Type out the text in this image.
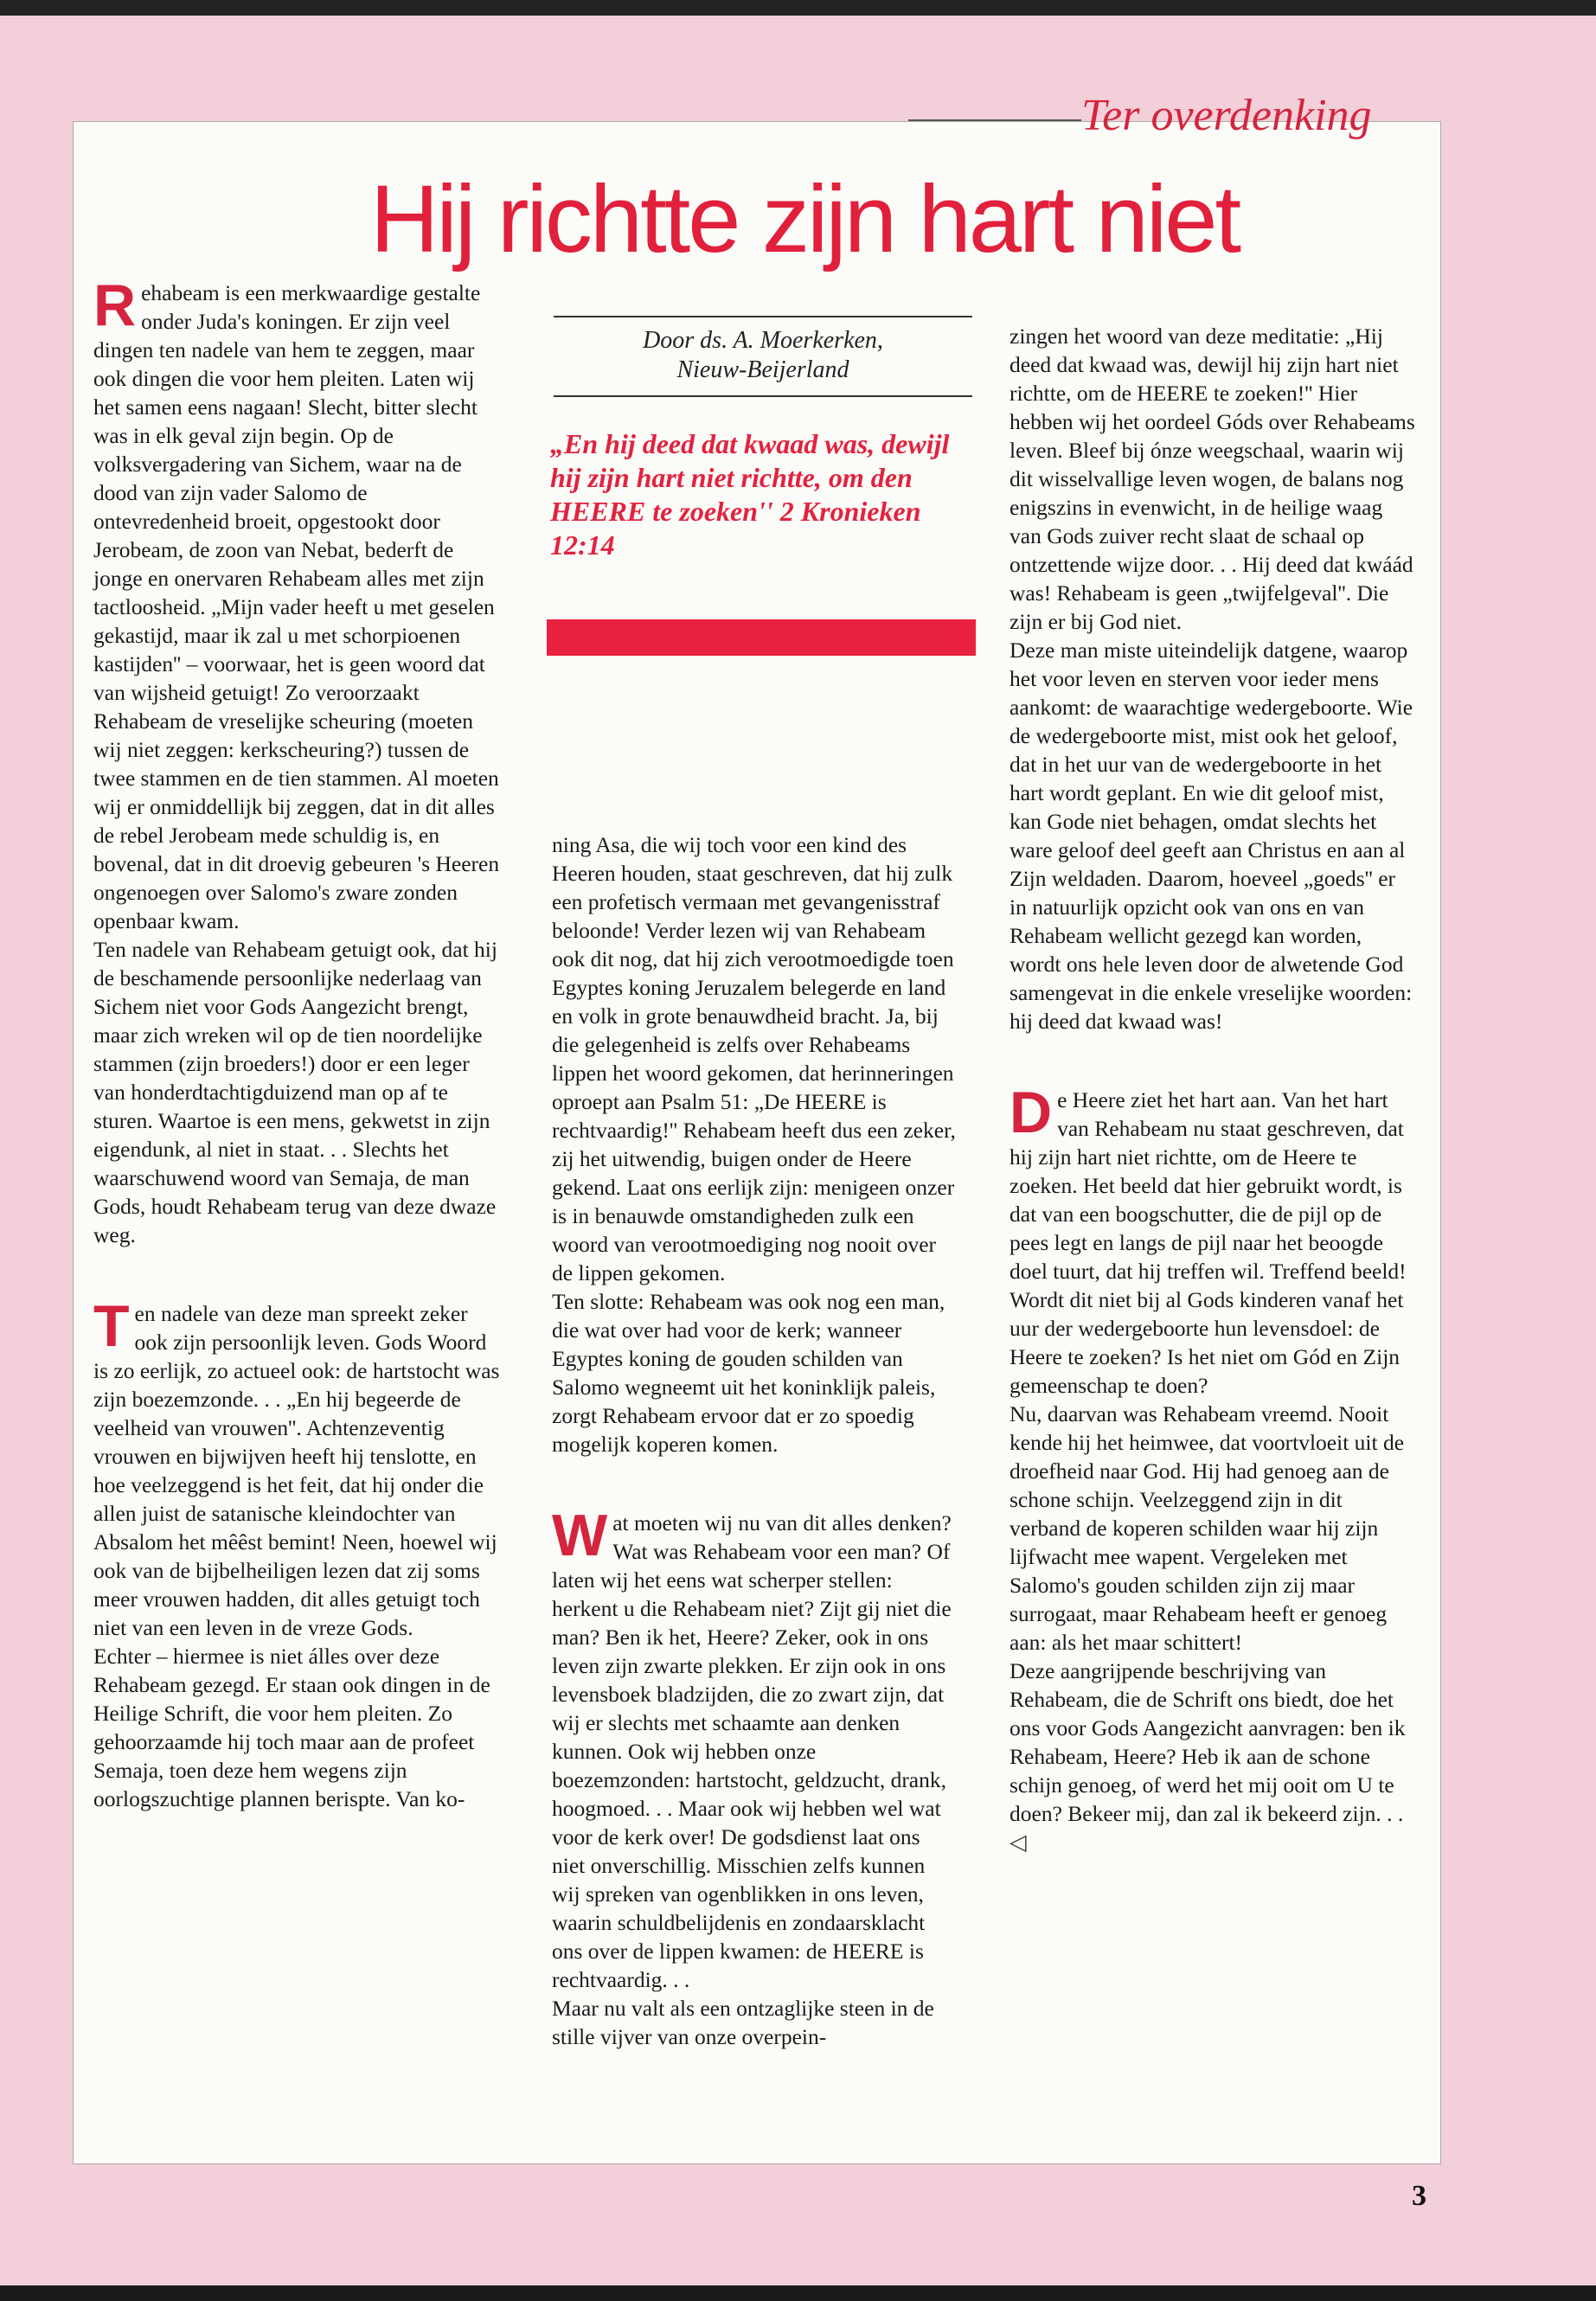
Ter overdenking
Hij richtte zijn hart niet

Rehabeam is een merkwaardige gestalte onder Juda's koningen. Er zijn veel dingen ten nadele van hem te zeggen, maar ook dingen die voor hem pleiten. Laten wij het samen eens nagaan! Slecht, bitter slecht was in elk geval zijn begin. Op de volksvergadering van Sichem, waar na de dood van zijn vader Salomo de ontevredenheid broeit, opgestookt door Jerobeam, de zoon van Nebat, bederft de jonge en onervaren Rehabeam alles met zijn tactloosheid. „Mijn vader heeft u met geselen gekastijd, maar ik zal u met schorpioenen kastijden'' – voorwaar, het is geen woord dat van wijsheid getuigt! Zo veroorzaakt Rehabeam de vreselijke scheuring (moeten wij niet zeggen: kerkscheuring?) tussen de twee stammen en de tien stammen. Al moeten wij er onmiddellijk bij zeggen, dat in dit alles de rebel Jerobeam mede schuldig is, en bovenal, dat in dit droevig gebeuren 's Heeren ongenoegen over Salomo's zware zonden openbaar kwam.

Ten nadele van Rehabeam getuigt ook, dat hij de beschamende persoonlijke nederlaag van Sichem niet voor Gods Aangezicht brengt, maar zich wreken wil op de tien noordelijke stammen (zijn broeders!) door er een leger van honderdtachtigduizend man op af te sturen. Waartoe is een mens, gekwetst in zijn eigendunk, al niet in staat. . . Slechts het waarschuwend woord van Semaja, de man Gods, houdt Rehabeam terug van deze dwaze weg.

Ten nadele van deze man spreekt zeker ook zijn persoonlijk leven. Gods Woord is zo eerlijk, zo actueel ook: de hartstocht was zijn boezemzonde. . . „En hij begeerde de veelheid van vrouwen''. Achtenzeventig vrouwen en bijwijven heeft hij tenslotte, en hoe veelzeggend is het feit, dat hij onder die allen juist de satanische kleindochter van Absalom het mêêst bemint! Neen, hoewel wij ook van de bijbelheiligen lezen dat zij soms meer vrouwen hadden, dit alles getuigt toch niet van een leven in de vreze Gods.

Echter – hiermee is niet álles over deze Rehabeam gezegd. Er staan ook dingen in de Heilige Schrift, die voor hem pleiten. Zo gehoorzaamde hij toch maar aan de profeet Semaja, toen deze hem wegens zijn oorlogszuchtige plannen berispte. Van ko-

Door ds. A. Moerkerken,
Nieuw-Beijerland
„En hij deed dat kwaad was, dewijl hij zijn hart niet richtte, om den HEERE te zoeken'' 2 Kronieken 12:14

ning Asa, die wij toch voor een kind des Heeren houden, staat geschreven, dat hij zulk een profetisch vermaan met gevangenisstraf beloonde! Verder lezen wij van Rehabeam ook dit nog, dat hij zich verootmoedigde toen Egyptes koning Jeruzalem belegerde en land en volk in grote benauwdheid bracht. Ja, bij die gelegenheid is zelfs over Rehabeams lippen het woord gekomen, dat herinneringen oproept aan Psalm 51: „De HEERE is rechtvaardig!'' Rehabeam heeft dus een zeker, zij het uitwendig, buigen onder de Heere gekend. Laat ons eerlijk zijn: menigeen onzer is in benauwde omstandigheden zulk een woord van verootmoediging nog nooit over de lippen gekomen.

Ten slotte: Rehabeam was ook nog een man, die wat over had voor de kerk; wanneer Egyptes koning de gouden schilden van Salomo wegneemt uit het koninklijk paleis, zorgt Rehabeam ervoor dat er zo spoedig mogelijk koperen komen.

Wat moeten wij nu van dit alles denken? Wat was Rehabeam voor een man? Of laten wij het eens wat scherper stellen: herkent u die Rehabeam niet? Zijt gij niet die man? Ben ik het, Heere? Zeker, ook in ons leven zijn zwarte plekken. Er zijn ook in ons levensboek bladzijden, die zo zwart zijn, dat wij er slechts met schaamte aan denken kunnen. Ook wij hebben onze boezemzonden: hartstocht, geldzucht, drank, hoogmoed. . . Maar ook wij hebben wel wat voor de kerk over! De godsdienst laat ons niet onverschillig. Misschien zelfs kunnen wij spreken van ogenblikken in ons leven, waarin schuldbelijdenis en zondaarsklacht ons over de lippen kwamen: de HEERE is rechtvaardig. . .

Maar nu valt als een ontzaglijke steen in de stille vijver van onze overpein-

zingen het woord van deze meditatie: „Hij deed dat kwaad was, dewijl hij zijn hart niet richtte, om de HEERE te zoeken!'' Hier hebben wij het oordeel Góds over Rehabeams leven. Bleef bij ónze weegschaal, waarin wij dit wisselvallige leven wogen, de balans nog enigszins in evenwicht, in de heilige waag van Gods zuiver recht slaat de schaal op ontzettende wijze door. . . Hij deed dat kwáád was! Rehabeam is geen „twijfelgeval''. Die zijn er bij God niet.

Deze man miste uiteindelijk datgene, waarop het voor leven en sterven voor ieder mens aankomt: de waarachtige wedergeboorte. Wie de wedergeboorte mist, mist ook het geloof, dat in het uur van de wedergeboorte in het hart wordt geplant. En wie dit geloof mist, kan Gode niet behagen, omdat slechts het ware geloof deel geeft aan Christus en aan al Zijn weldaden. Daarom, hoeveel „goeds'' er in natuurlijk opzicht ook van ons en van Rehabeam wellicht gezegd kan worden, wordt ons hele leven door de alwetende God samengevat in die enkele vreselijke woorden: hij deed dat kwaad was!

De Heere ziet het hart aan. Van het hart van Rehabeam nu staat geschreven, dat hij zijn hart niet richtte, om de Heere te zoeken. Het beeld dat hier gebruikt wordt, is dat van een boogschutter, die de pijl op de pees legt en langs de pijl naar het beoogde doel tuurt, dat hij treffen wil. Treffend beeld! Wordt dit niet bij al Gods kinderen vanaf het uur der wedergeboorte hun levensdoel: de Heere te zoeken? Is het niet om Gód en Zijn gemeenschap te doen?

Nu, daarvan was Rehabeam vreemd. Nooit kende hij het heimwee, dat voortvloeit uit de droefheid naar God. Hij had genoeg aan de schone schijn. Veelzeggend zijn in dit verband de koperen schilden waar hij zijn lijfwacht mee wapent. Vergeleken met Salomo's gouden schilden zijn zij maar surrogaat, maar Rehabeam heeft er genoeg aan: als het maar schittert!

Deze aangrijpende beschrijving van Rehabeam, die de Schrift ons biedt, doe het ons voor Gods Aangezicht aanvragen: ben ik Rehabeam, Heere? Heb ik aan de schone schijn genoeg, of werd het mij ooit om U te doen? Bekeer mij, dan zal ik bekeerd zijn. . . ◁

3
